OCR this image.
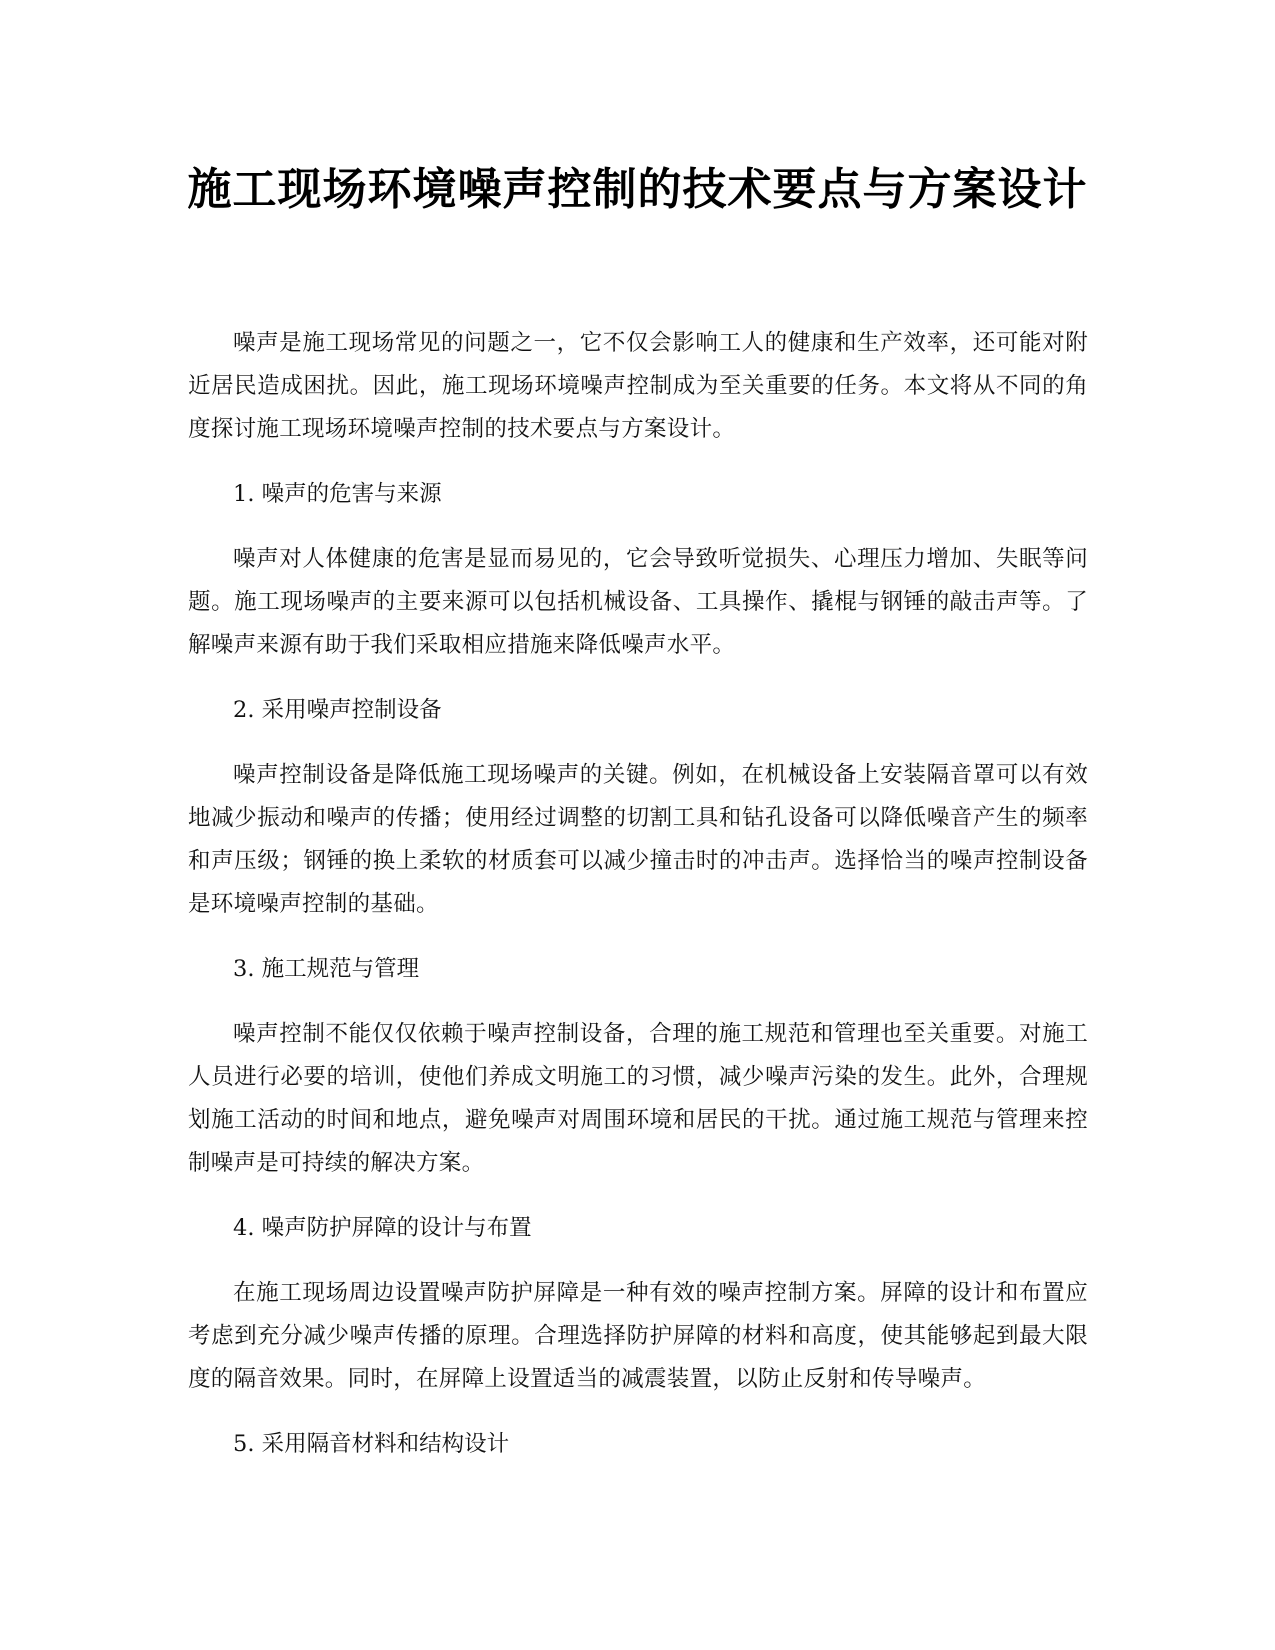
施工现场环境噪声控制的技术要点与方案设计

噪声是施工现场常见的问题之一，它不仅会影响工人的健康和生产效率，还可能对附近居民造成困扰。因此，施工现场环境噪声控制成为至关重要的任务。本文将从不同的角度探讨施工现场环境噪声控制的技术要点与方案设计。

1. 噪声的危害与来源

噪声对人体健康的危害是显而易见的，它会导致听觉损失、心理压力增加、失眠等问题。施工现场噪声的主要来源可以包括机械设备、工具操作、撬棍与钢锤的敲击声等。了解噪声来源有助于我们采取相应措施来降低噪声水平。

2. 采用噪声控制设备

噪声控制设备是降低施工现场噪声的关键。例如，在机械设备上安装隔音罩可以有效地减少振动和噪声的传播；使用经过调整的切割工具和钻孔设备可以降低噪音产生的频率和声压级；钢锤的换上柔软的材质套可以减少撞击时的冲击声。选择恰当的噪声控制设备是环境噪声控制的基础。

3. 施工规范与管理

噪声控制不能仅仅依赖于噪声控制设备，合理的施工规范和管理也至关重要。对施工人员进行必要的培训，使他们养成文明施工的习惯，减少噪声污染的发生。此外，合理规划施工活动的时间和地点，避免噪声对周围环境和居民的干扰。通过施工规范与管理来控制噪声是可持续的解决方案。

4. 噪声防护屏障的设计与布置

在施工现场周边设置噪声防护屏障是一种有效的噪声控制方案。屏障的设计和布置应考虑到充分减少噪声传播的原理。合理选择防护屏障的材料和高度，使其能够起到最大限度的隔音效果。同时，在屏障上设置适当的减震装置，以防止反射和传导噪声。

5. 采用隔音材料和结构设计
